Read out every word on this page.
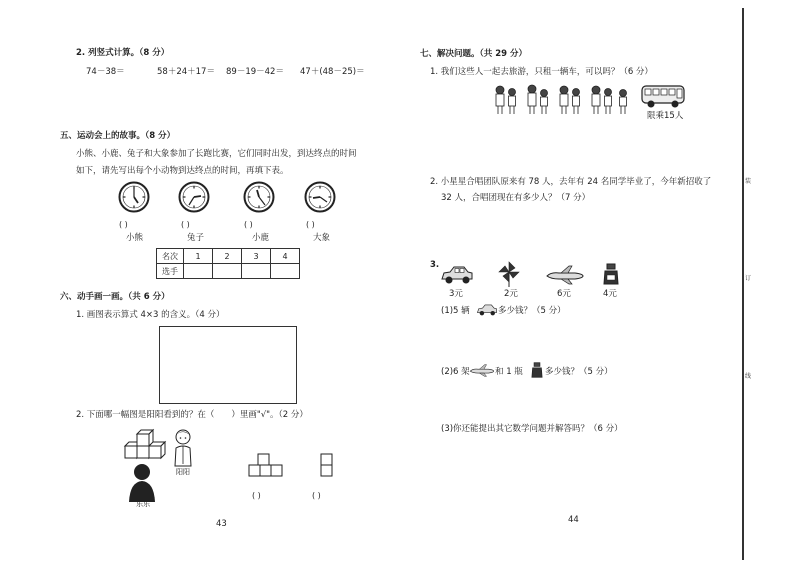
2. 列竖式计算。（8 分）
74－38＝	58＋24＋17＝ 89－19－42＝ 47＋(48－25)＝
五、运动会上的故事。（8 分）
小熊、小鹿、兔子和大象参加了长跑比赛，它们同时出发，到达终点的时间
如下，请先写出每个小动物到达终点的时间，再填下表。
( )	( )	( )	( )
小熊	兔子	小鹿	大象
名次	1	2	3	4
选手				
六、动手画一画。（共 6 分）
1. 画图表示算式 4×3 的含义。（4 分）
2. 下面哪一幅图是阳阳看到的？在（　　）里画"√"。（2 分）
阳阳
乐乐
( )	( )
43
七、解决问题。（共 29 分）
1. 我们这些人一起去旅游，只租一辆车，可以吗？（6 分）
限乘15人
2. 小星星合唱团队原来有 78 人，去年有 24 名同学毕业了，今年新招收了
32 人，合唱团现在有多少人？（7 分）
3.
3元	2元	6元	4元
(1)5 辆	多少钱？（5 分）
(2)6 架	和 1 瓶	多少钱？（5 分）
(3)你还能提出其它数学问题并解答吗？（6 分）
44
装
订
线
